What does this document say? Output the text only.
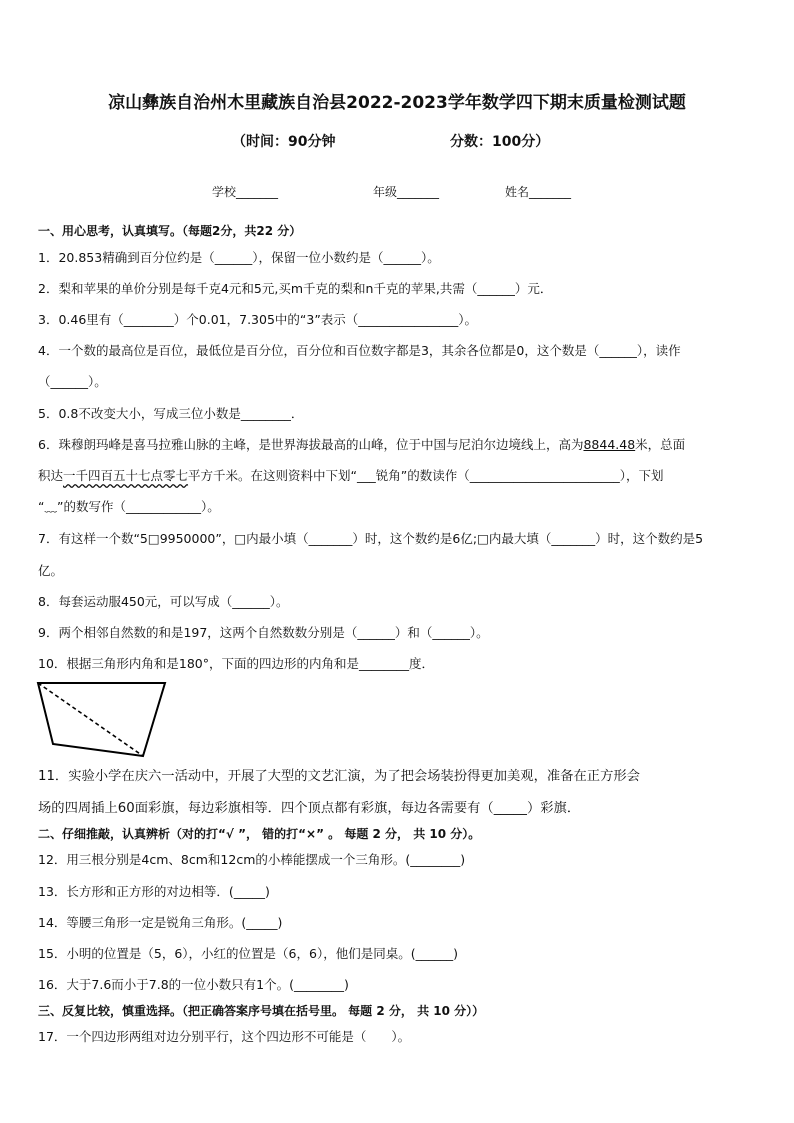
凉山彝族自治州木里藏族自治县2022-2023学年数学四下期末质量检测试题
（时间：90分钟	分数：100分）
学校_______	年级_______	姓名_______
一、用心思考，认真填写。（每题2分，共22 分）
1．20.853精确到百分位约是（______），保留一位小数约是（______）。
2．梨和苹果的单价分别是每千克4元和5元,买m千克的梨和n千克的苹果,共需（______）元．
3．0.46里有（________）个0.01，7.305中的“3”表示（________________）。
4．一个数的最高位是百位，最低位是百分位，百分位和百位数字都是3，其余各位都是0，这个数是（______），读作
（______）。
5．0.8不改变大小，写成三位小数是________．
6．珠穆朗玛峰是喜马拉雅山脉的主峰，是世界海拔最高的山峰，位于中国与尼泊尔边境线上，高为8844.48米，总面
积达一千四百五十七点零七平方千米。在这则资料中下划“___锐角”的数读作（________________________），下划
“﹏”的数写作（____________）。
7．有这样一个数“5□9950000”，□内最小填（_______）时，这个数约是6亿;□内最大填（_______）时，这个数约是5
亿。
8．每套运动服450元，可以写成（______）。
9．两个相邻自然数的和是197，这两个自然数数分别是（______）和（______）。
10．根据三角形内角和是180°，下面的四边形的内角和是________度．
11．实验小学在庆六一活动中，开展了大型的文艺汇演，为了把会场装扮得更加美观，准备在正方形会
场的四周插上60面彩旗，每边彩旗相等．四个顶点都有彩旗，每边各需要有（_____）彩旗．
二、仔细推敲，认真辨析（对的打“√ ”， 错的打“×” 。 每题 2 分， 共 10 分）。
12．用三根分别是4cm、8cm和12cm的小棒能摆成一个三角形。(________)
13．长方形和正方形的对边相等．(_____)
14．等腰三角形一定是锐角三角形。(_____)
15．小明的位置是（5，6），小红的位置是（6，6），他们是同桌。(______)
16．大于7.6而小于7.8的一位小数只有1个。(________)
三、反复比较，慎重选择。（把正确答案序号填在括号里。 每题 2 分， 共 10 分））
17．一个四边形两组对边分别平行，这个四边形不可能是（　　）。
